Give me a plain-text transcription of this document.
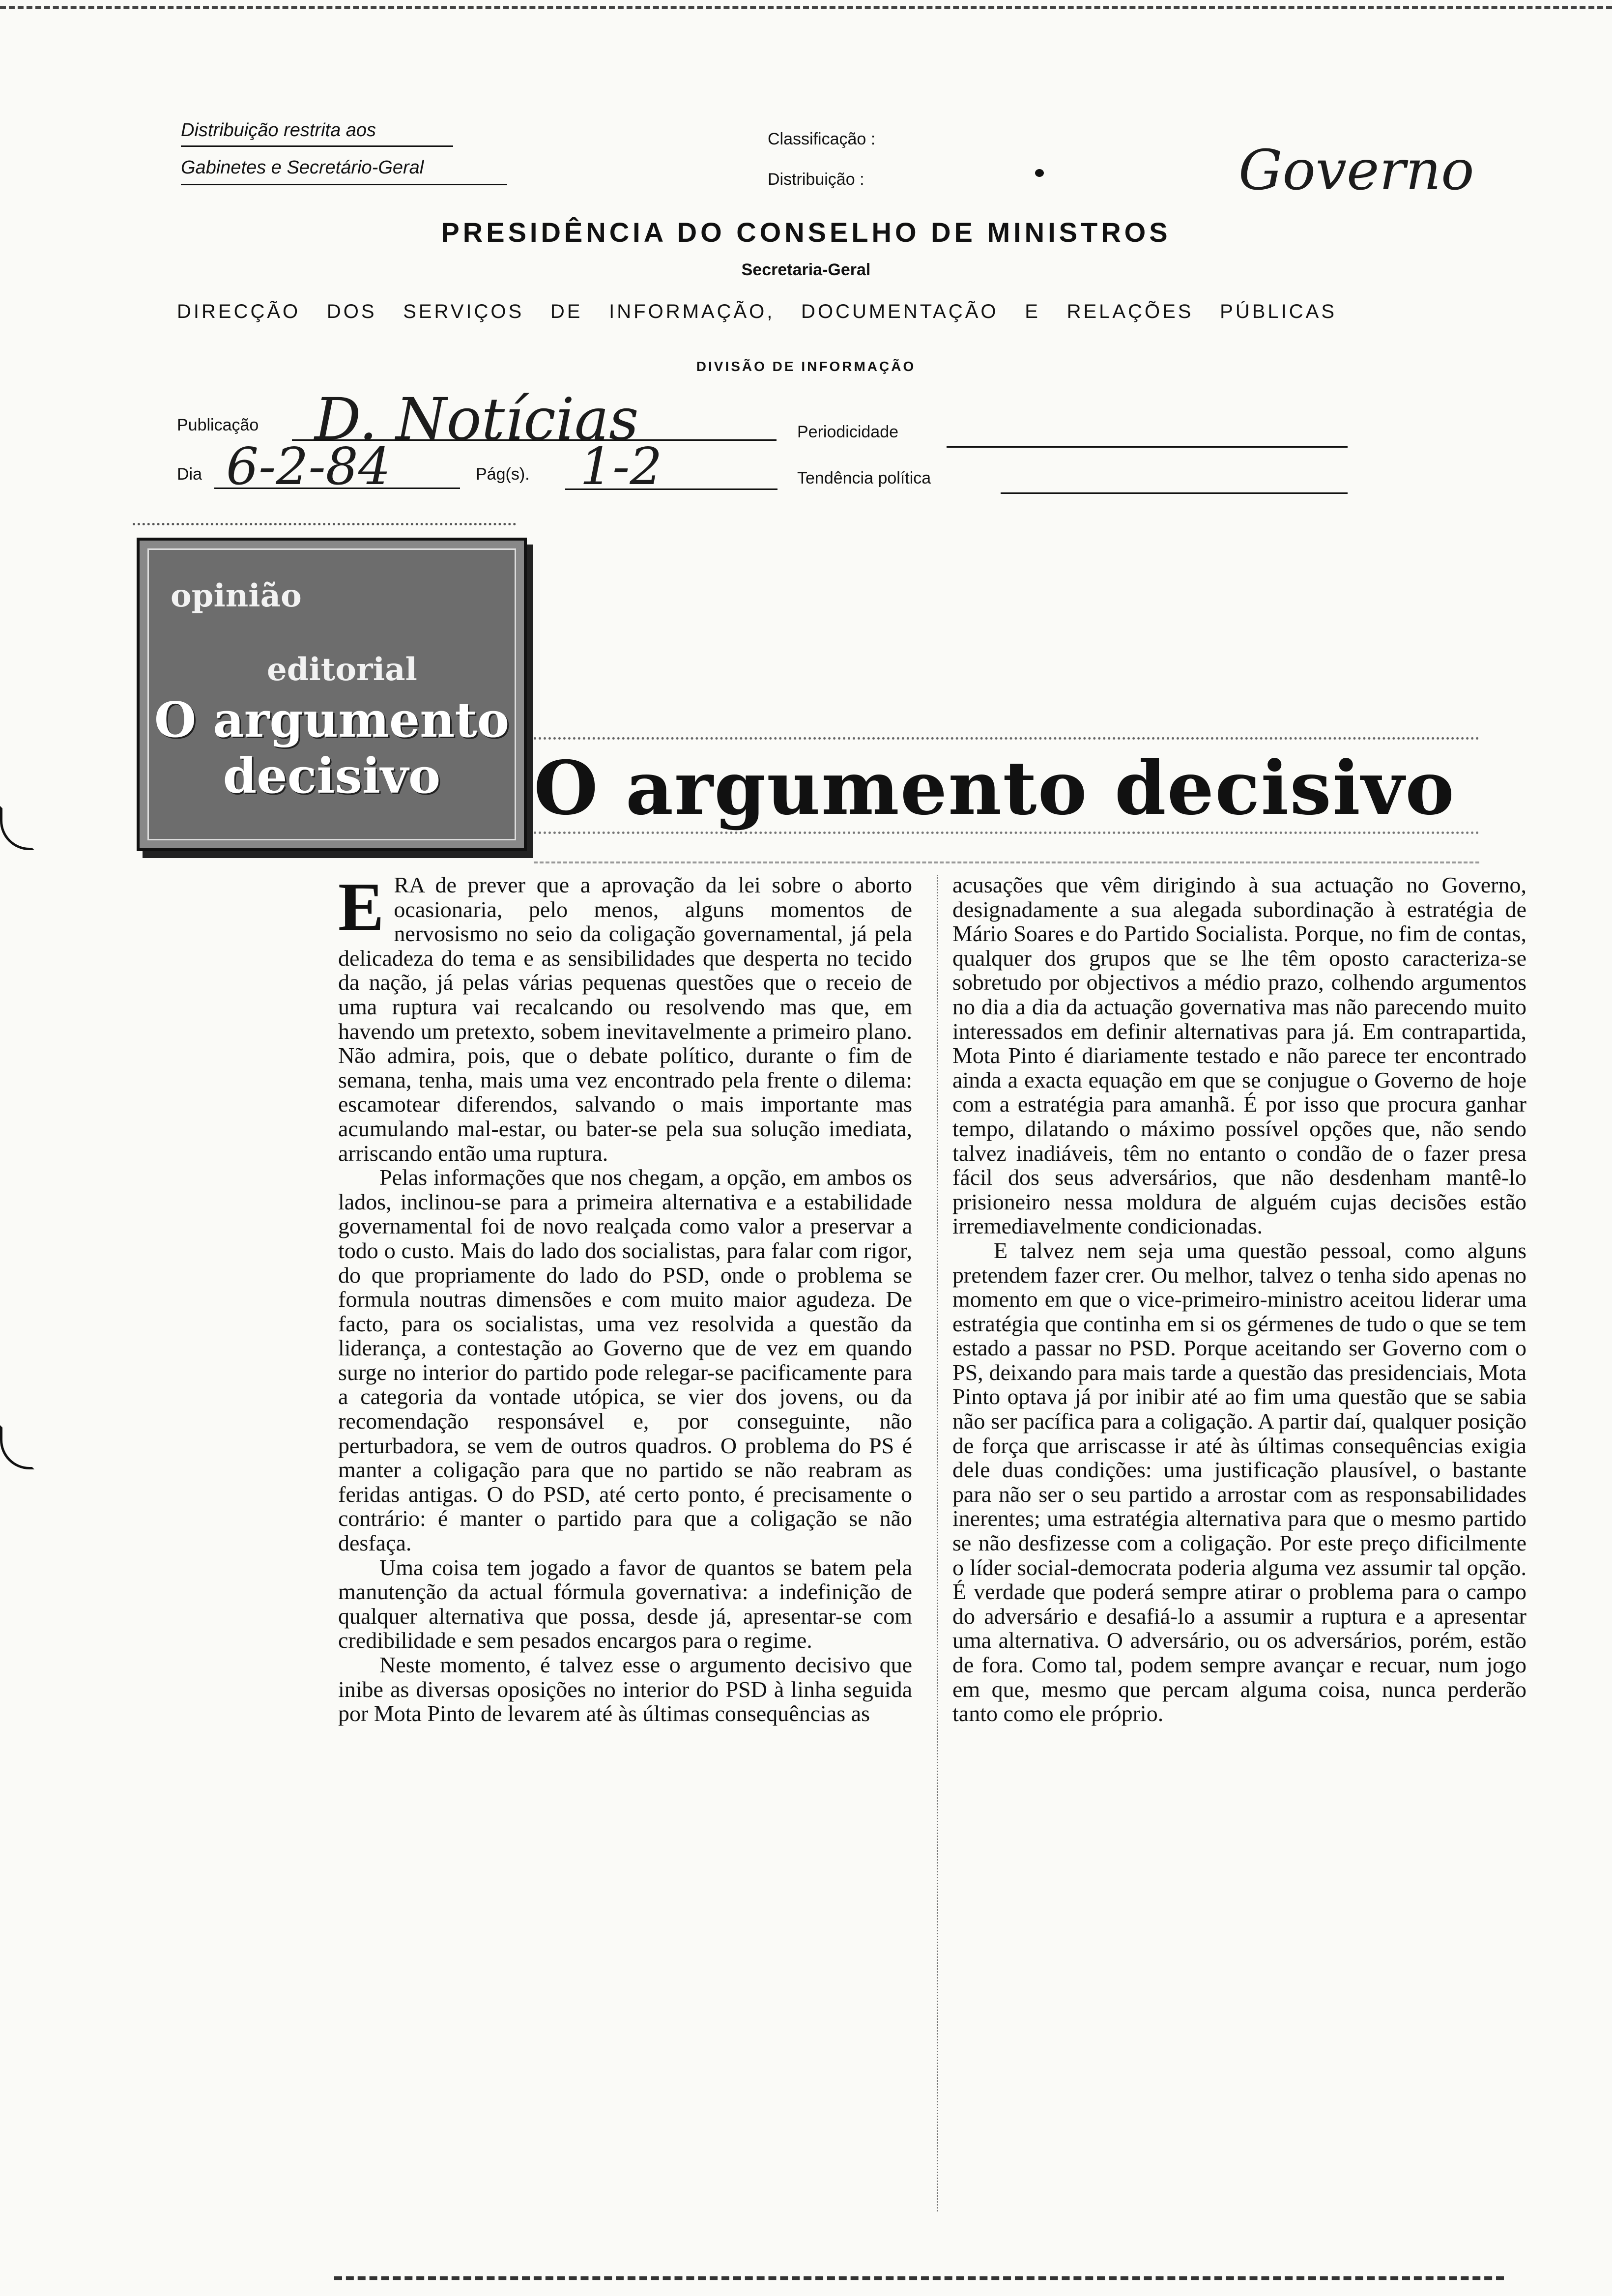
Distribuição restrita aos
Gabinetes e Secretário-Geral
Classificação :
Distribuição :	Governo
PRESIDÊNCIA DO CONSELHO DE MINISTROS
Secretaria-Geral
DIRECÇÃO DOS SERVIÇOS DE INFORMAÇÃO, DOCUMENTAÇÃO E RELAÇÕES PÚBLICAS
DIVISÃO DE INFORMAÇÃO
Publicação D. Notícias	Periodicidade
Dia 6-2-84	Pág(s). 1-2	Tendência política
opinião
editorial
O argumento decisivo	O argumento decisivo
E RA de prever que a aprovação da lei sobre o aborto ocasionaria, pelo menos, alguns momentos de nervosismo no seio da coligação governamental, já pela delicadeza do tema e as sensibilidades que desperta no tecido da nação, já pelas várias pequenas questões que o receio de uma ruptura vai recalcando ou resolvendo mas que, em havendo um pretexto, sobem inevitavelmente a primeiro plano. Não admira, pois, que o debate político, durante o fim de semana, tenha, mais uma vez encontrado pela frente o dilema: escamotear diferendos, salvando o mais importante mas acumulando mal-estar, ou bater-se pela sua solução imediata, arriscando então uma ruptura.

Pelas informações que nos chegam, a opção, em ambos os lados, inclinou-se para a primeira alternativa e a estabilidade governamental foi de novo realçada como valor a preservar a todo o custo. Mais do lado dos socialistas, para falar com rigor, do que propriamente do lado do PSD, onde o problema se formula noutras dimensões e com muito maior agudeza. De facto, para os socialistas, uma vez resolvida a questão da liderança, a contestação ao Governo que de vez em quando surge no interior do partido pode relegar-se pacificamente para a categoria da vontade utópica, se vier dos jovens, ou da recomendação responsável e, por conseguinte, não perturbadora, se vem de outros quadros. O problema do PS é manter a coligação para que no partido se não reabram as feridas antigas. O do PSD, até certo ponto, é precisamente o contrário: é manter o partido para que a coligação se não desfaça.

Uma coisa tem jogado a favor de quantos se batem pela manutenção da actual fórmula governativa: a indefinição de qualquer alternativa que possa, desde já, apresentar-se com credibilidade e sem pesados encargos para o regime.

Neste momento, é talvez esse o argumento decisivo que inibe as diversas oposições no interior do PSD à linha seguida por Mota Pinto de levarem até às últimas consequências as

acusações que vêm dirigindo à sua actuação no Governo, designadamente a sua alegada subordinação à estratégia de Mário Soares e do Partido Socialista. Porque, no fim de contas, qualquer dos grupos que se lhe têm oposto caracteriza-se sobretudo por objectivos a médio prazo, colhendo argumentos no dia a dia da actuação governativa mas não parecendo muito interessados em definir alternativas para já. Em contrapartida, Mota Pinto é diariamente testado e não parece ter encontrado ainda a exacta equação em que se conjugue o Governo de hoje com a estratégia para amanhã. É por isso que procura ganhar tempo, dilatando o máximo possível opções que, não sendo talvez inadiáveis, têm no entanto o condão de o fazer presa fácil dos seus adversários, que não desdenham mantê-lo prisioneiro nessa moldura de alguém cujas decisões estão irremediavelmente condicionadas.

E talvez nem seja uma questão pessoal, como alguns pretendem fazer crer. Ou melhor, talvez o tenha sido apenas no momento em que o vice-primeiro-ministro aceitou liderar uma estratégia que continha em si os gérmenes de tudo o que se tem estado a passar no PSD. Porque aceitando ser Governo com o PS, deixando para mais tarde a questão das presidenciais, Mota Pinto optava já por inibir até ao fim uma questão que se sabia não ser pacífica para a coligação. A partir daí, qualquer posição de força que arriscasse ir até às últimas consequências exigia dele duas condições: uma justificação plausível, o bastante para não ser o seu partido a arrostar com as responsabilidades inerentes; uma estratégia alternativa para que o mesmo partido se não desfizesse com a coligação. Por este preço dificilmente o líder social-democrata poderia alguma vez assumir tal opção. É verdade que poderá sempre atirar o problema para o campo do adversário e desafiá-lo a assumir a ruptura e a apresentar uma alternativa. O adversário, ou os adversários, porém, estão de fora. Como tal, podem sempre avançar e recuar, num jogo em que, mesmo que percam alguma coisa, nunca perderão tanto como ele próprio.
